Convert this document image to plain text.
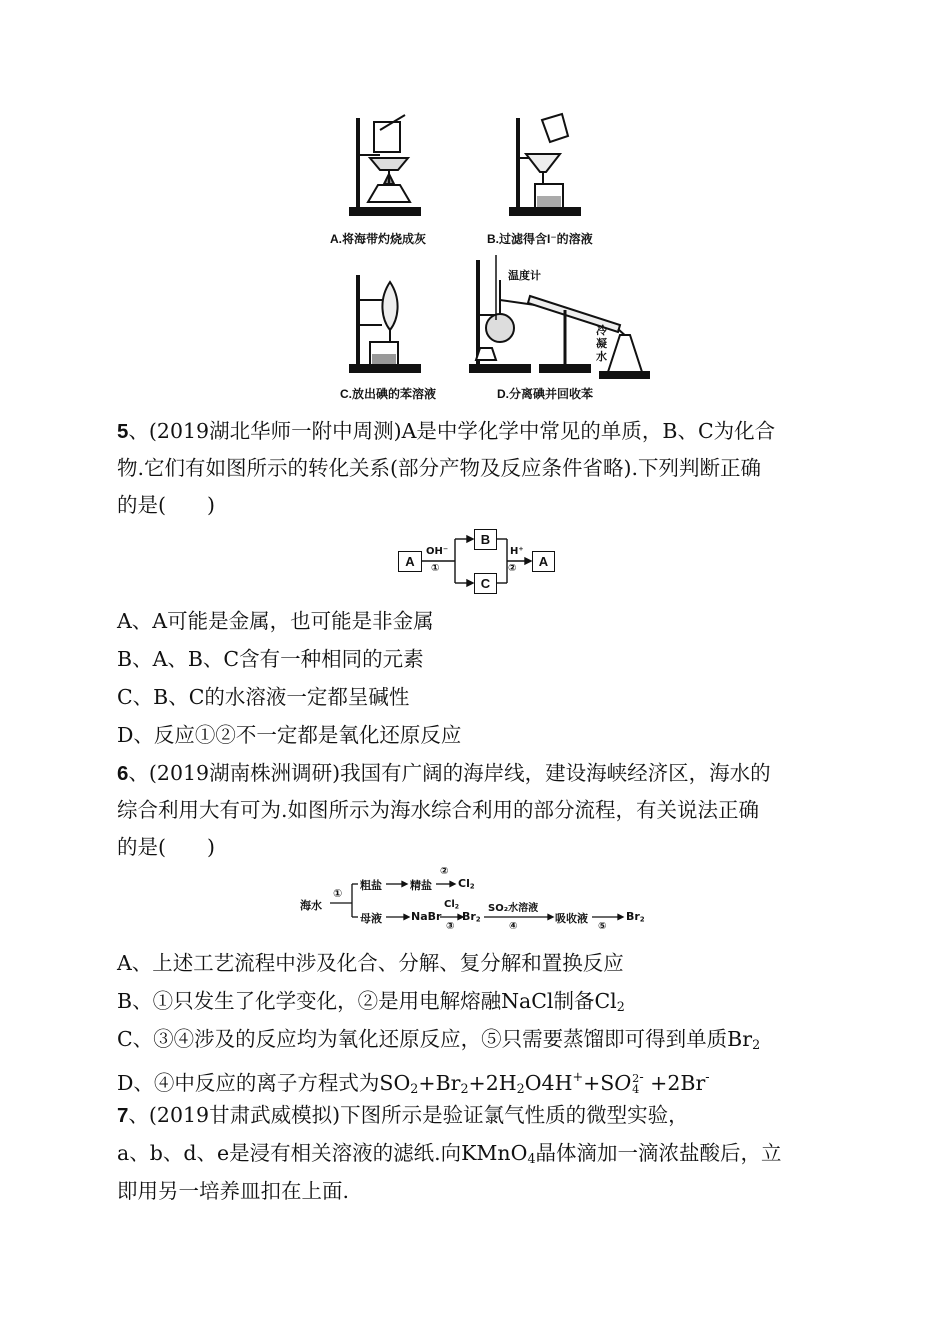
A.将海带灼烧成灰	B.过滤得含I⁻的溶液
C.放出碘的苯溶液	D.分离碘并回收苯
温度计
冷凝水
5、(2019湖北华师一附中周测)A是中学化学中常见的单质，B、C为化合
物.它们有如图所示的转化关系(部分产物及反应条件省略).下列判断正确
的是(　　)
A
B
C
A
OH⁻
①
H⁺
②
A、A可能是金属，也可能是非金属
B、A、B、C含有一种相同的元素
C、B、C的水溶液一定都呈碱性
D、反应①②不一定都是氧化还原反应
6、(2019湖南株洲调研)我国有广阔的海岸线，建设海峡经济区，海水的
综合利用大有可为.如图所示为海水综合利用的部分流程，有关说法正确
的是(　　)
海水
①
粗盐	精盐
②
$Cl_2$
母液	NaBr
$Cl_2$
③
$Br_2$
SO₂水溶液
④
吸收液
⑤
$Br_2$
A、上述工艺流程中涉及化合、分解、复分解和置换反应
B、①只发生了化学变化，②是用电解熔融NaCl制备$Cl_2$
C、③④涉及的反应均为氧化还原反应，⑤只需要蒸馏即可得到单质$Br_2$
D、④中反应的离子方程式为$SO_2+Br_2+2H_2O4H^++SO$ 2
4
- +2Br-
7、(2019甘肃武威模拟)下图所示是验证氯气性质的微型实验，
a、b、d、e是浸有相关溶液的滤纸.向KMnO$_4$晶体滴加一滴浓盐酸后，立
即用另一培养皿扣在上面.
